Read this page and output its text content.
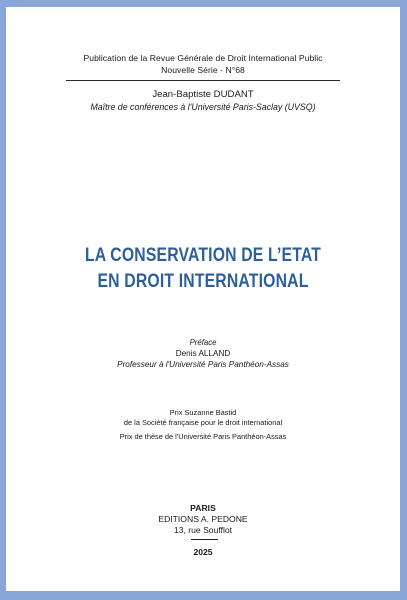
Publication de la Revue Générale de Droit International Public
Nouvelle Série - N°68
Jean-Baptiste DUDANT
Maître de conférences à l'Université Paris-Saclay (UVSQ)
LA CONSERVATION DE L’ETAT
EN DROIT INTERNATIONAL
Préface
Denis ALLAND
Professeur à l'Université Paris Panthéon-Assas
Prix Suzanne Bastid
de la Société française pour le droit international
Prix de thèse de l'Université Paris Panthéon-Assas
PARIS
EDITIONS A. PEDONE
13, rue Soufflot
2025
